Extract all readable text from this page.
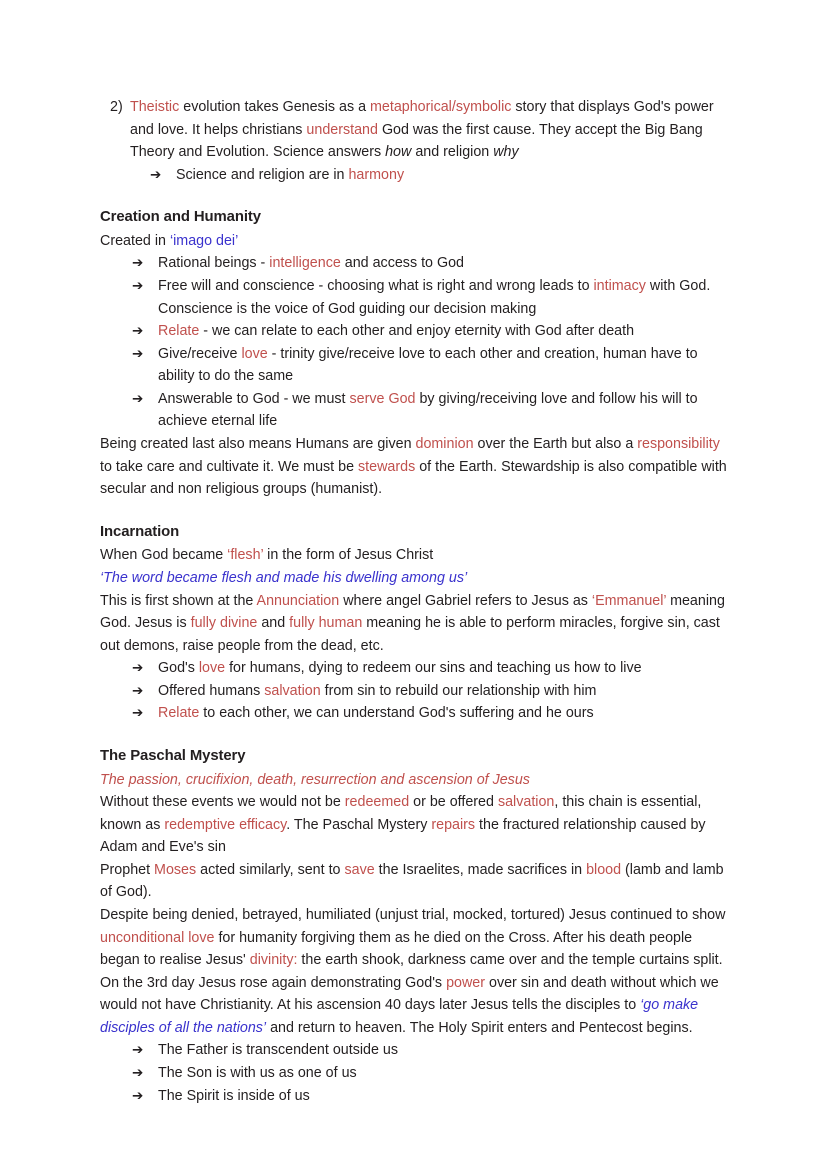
2) Theistic evolution takes Genesis as a metaphorical/symbolic story that displays God's power and love. It helps christians understand God was the first cause. They accept the Big Bang Theory and Evolution. Science answers how and religion why
➔	Science and religion are in harmony
Creation and Humanity

Created in ‘imago dei’

➔	Rational beings - intelligence and access to God
➔	Free will and conscience - choosing what is right and wrong leads to intimacy with God. Conscience is the voice of God guiding our decision making
➔	Relate - we can relate to each other and enjoy eternity with God after death
➔	Give/receive love - trinity give/receive love to each other and creation, human have to ability to do the same
➔	Answerable to God - we must serve God by giving/receiving love and follow his will to achieve eternal life

Being created last also means Humans are given dominion over the Earth but also a responsibility to take care and cultivate it. We must be stewards of the Earth. Stewardship is also compatible with secular and non religious groups (humanist).

Incarnation

When God became ‘flesh’ in the form of Jesus Christ

‘The word became flesh and made his dwelling among us’

This is first shown at the Annunciation where angel Gabriel refers to Jesus as ‘Emmanuel’ meaning God. Jesus is fully divine and fully human meaning he is able to perform miracles, forgive sin, cast out demons, raise people from the dead, etc.

➔	God's love for humans, dying to redeem our sins and teaching us how to live
➔	Offered humans salvation from sin to rebuild our relationship with him
➔	Relate to each other, we can understand God's suffering and he ours
The Paschal Mystery

The passion, crucifixion, death, resurrection and ascension of Jesus

Without these events we would not be redeemed or be offered salvation, this chain is essential, known as redemptive efficacy. The Paschal Mystery repairs the fractured relationship caused by Adam and Eve's sin

Prophet Moses acted similarly, sent to save the Israelites, made sacrifices in blood (lamb and lamb of God).

Despite being denied, betrayed, humiliated (unjust trial, mocked, tortured) Jesus continued to show unconditional love for humanity forgiving them as he died on the Cross. After his death people began to realise Jesus' divinity: the earth shook, darkness came over and the temple curtains split. On the 3rd day Jesus rose again demonstrating God's power over sin and death without which we would not have Christianity. At his ascension 40 days later Jesus tells the disciples to ‘go make disciples of all the nations’ and return to heaven. The Holy Spirit enters and Pentecost begins.

➔	The Father is transcendent outside us
➔	The Son is with us as one of us
➔	The Spirit is inside of us
